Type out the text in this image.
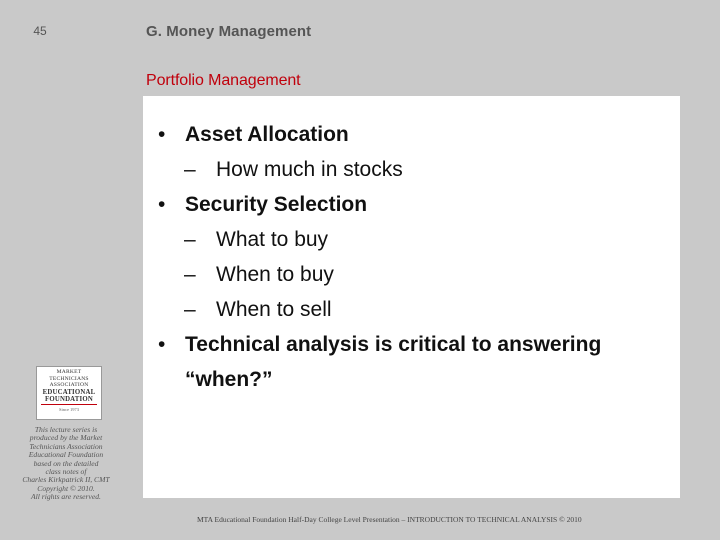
45	G. Money Management
Portfolio Management
• Asset Allocation
– How much in stocks
• Security Selection
– What to buy
– When to buy
– When to sell
• Technical analysis is critical to answering
“when?”
MARKET
TECHNICIANS
ASSOCIATION
EDUCATIONAL
FOUNDATION
Since 1973
This lecture series is
produced by the Market
Technicians Association
Educational Foundation
based on the detailed
class notes of
Charles Kirkpatrick II, CMT
Copyright © 2010.
All rights are reserved.
MTA Educational Foundation Half-Day College Level Presentation – INTRODUCTION TO TECHNICAL ANALYSIS © 2010
